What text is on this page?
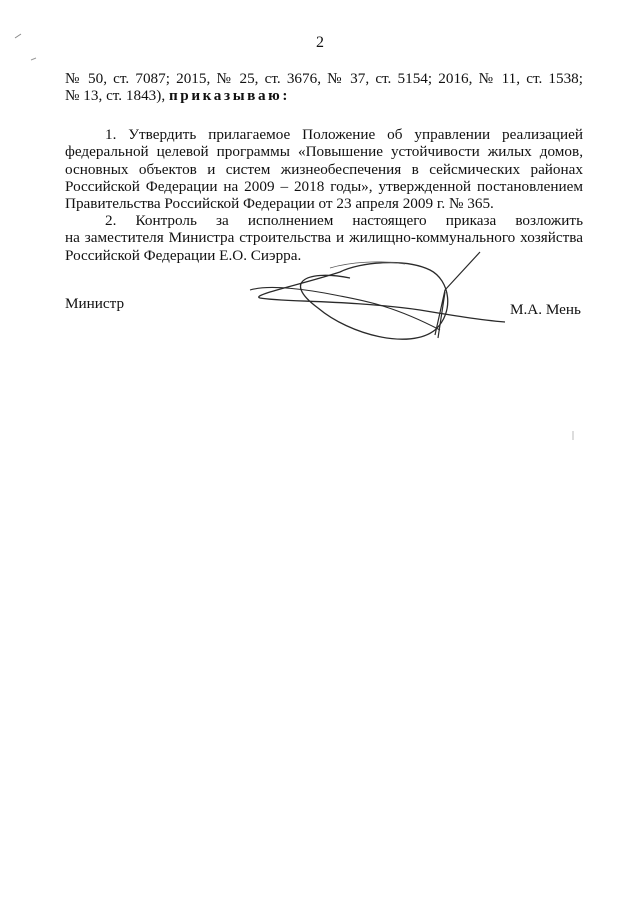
2
№ 50, ст. 7087; 2015, № 25, ст. 3676, № 37, ст. 5154; 2016, № 11, ст. 1538;
№ 13, ст. 1843), приказываю:
1. Утвердить прилагаемое Положение об управлении реализацией
федеральной целевой программы «Повышение устойчивости жилых домов,
основных объектов и систем жизнеобеспечения в сейсмических районах
Российской Федерации на 2009 – 2018 годы», утвержденной постановлением
Правительства Российской Федерации от 23 апреля 2009 г. № 365.
2. Контроль за исполнением настоящего приказа возложить
на заместителя Министра строительства и жилищно-коммунального хозяйства
Российской Федерации Е.О. Сиэрра.
Министр	М.А. Мень
